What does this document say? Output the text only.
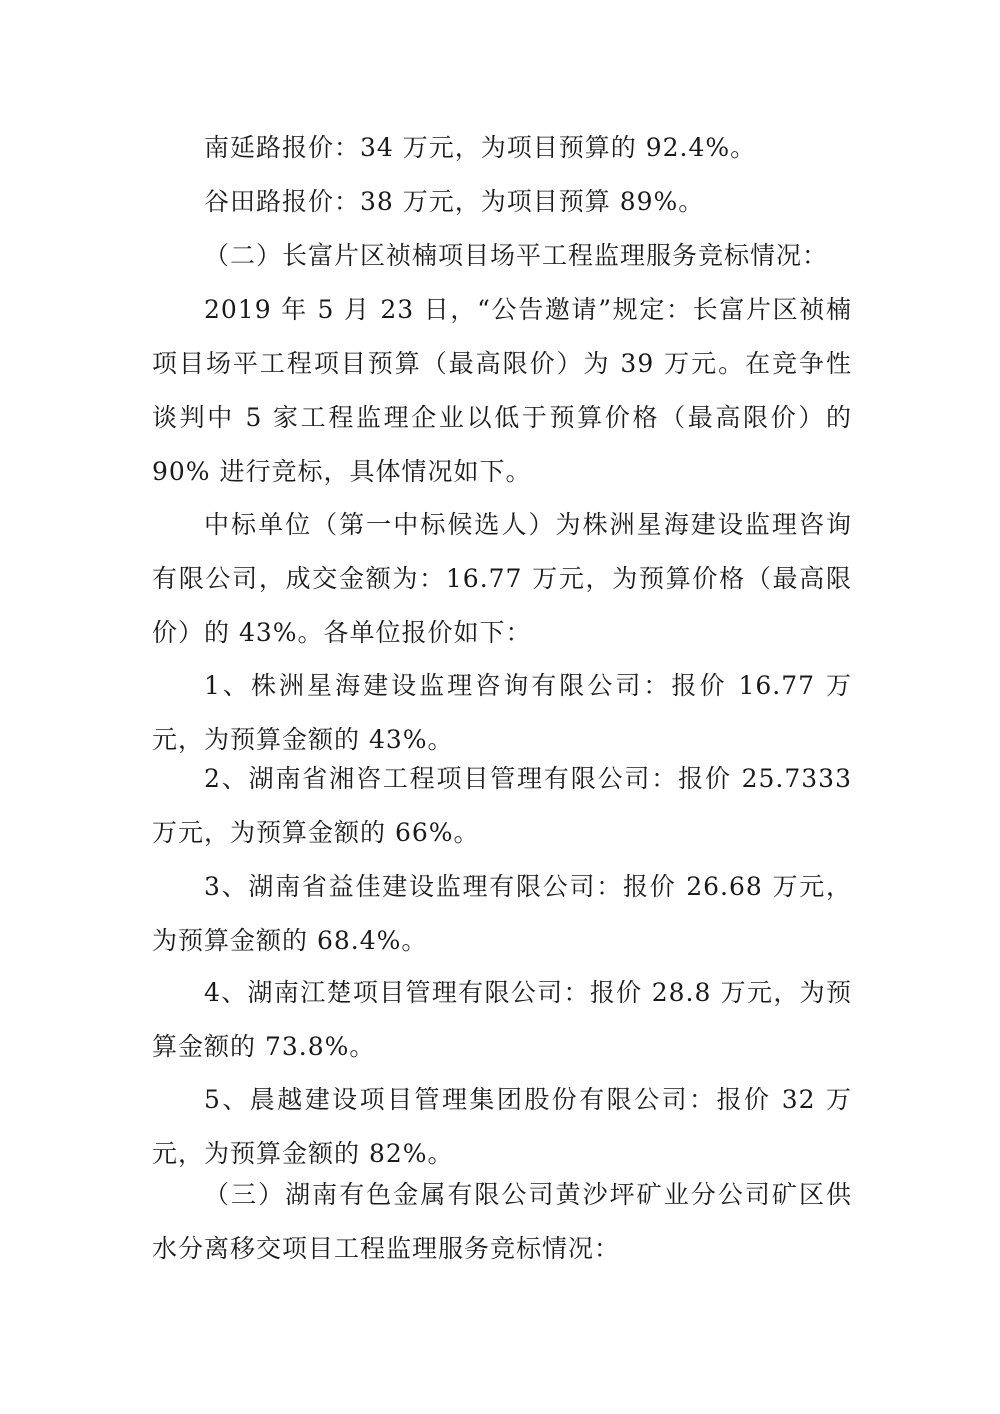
南延路报价：34 万元，为项目预算的 92.4%。

谷田路报价：38 万元，为项目预算 89%。

（二）长富片区祯楠项目场平工程监理服务竞标情况：

2019 年 5 月 23 日，“公告邀请”规定：长富片区祯楠项目场平工程项目预算（最高限价）为 39 万元。在竞争性谈判中 5 家工程监理企业以低于预算价格（最高限价）的 90% 进行竞标，具体情况如下。

中标单位（第一中标候选人）为株洲星海建设监理咨询有限公司，成交金额为：16.77 万元，为预算价格（最高限价）的 43%。各单位报价如下：

1、株洲星海建设监理咨询有限公司：报价 16.77 万元，为预算金额的 43%。

2、湖南省湘咨工程项目管理有限公司：报价 25.7333 万元，为预算金额的 66%。

3、湖南省益佳建设监理有限公司：报价 26.68 万元，为预算金额的 68.4%。

4、湖南江楚项目管理有限公司：报价 28.8 万元，为预算金额的 73.8%。

5、晨越建设项目管理集团股份有限公司：报价 32 万元，为预算金额的 82%。

（三）湖南有色金属有限公司黄沙坪矿业分公司矿区供水分离移交项目工程监理服务竞标情况：
